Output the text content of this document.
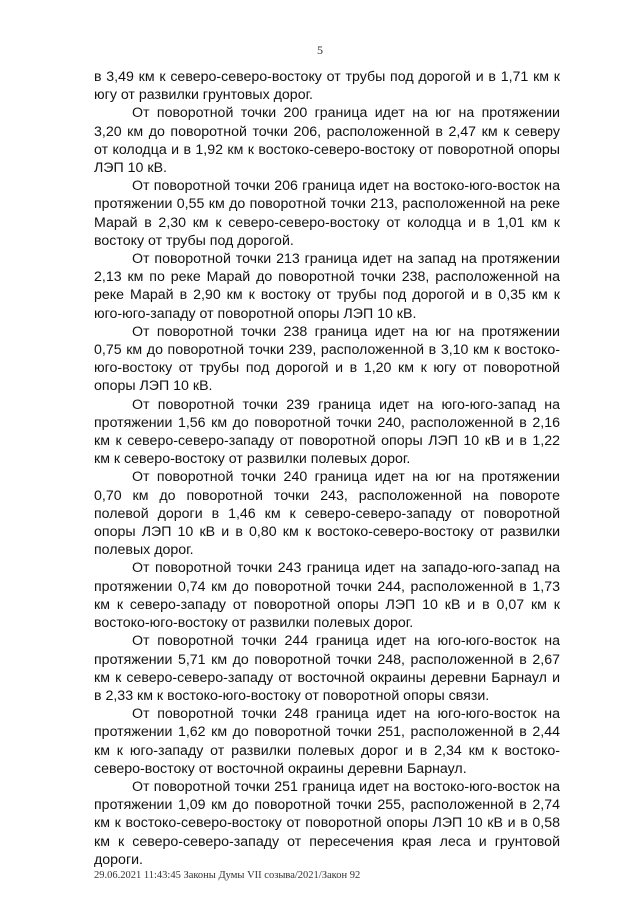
5

в 3,49 км к северо-северо-востоку от трубы под дорогой и в 1,71 км к югу от развилки грунтовых дорог.

От поворотной точки 200 граница идет на юг на протяжении 3,20 км до поворотной точки 206, расположенной в 2,47 км к северу от колодца и в 1,92 км к востоко-северо-востоку от поворотной опоры ЛЭП 10 кВ.

От поворотной точки 206 граница идет на востоко-юго-восток на протяжении 0,55 км до поворотной точки 213, расположенной на реке Марай в 2,30 км к северо-северо-востоку от колодца и в 1,01 км к востоку от трубы под дорогой.

От поворотной точки 213 граница идет на запад на протяжении 2,13 км по реке Марай до поворотной точки 238, расположенной на реке Марай в 2,90 км к востоку от трубы под дорогой и в 0,35 км к юго-юго-западу от поворотной опоры ЛЭП 10 кВ.

От поворотной точки 238 граница идет на юг на протяжении 0,75 км до поворотной точки 239, расположенной в 3,10 км к востоко-юго-востоку от трубы под дорогой и в 1,20 км к югу от поворотной опоры ЛЭП 10 кВ.

От поворотной точки 239 граница идет на юго-юго-запад на протяжении 1,56 км до поворотной точки 240, расположенной в 2,16 км к северо-северо-западу от поворотной опоры ЛЭП 10 кВ и в 1,22 км к северо-востоку от развилки полевых дорог.

От поворотной точки 240 граница идет на юг на протяжении 0,70 км до поворотной точки 243, расположенной на повороте полевой дороги в 1,46 км к северо-северо-западу от поворотной опоры ЛЭП 10 кВ и в 0,80 км к востоко-северо-востоку от развилки полевых дорог.

От поворотной точки 243 граница идет на западо-юго-запад на протяжении 0,74 км до поворотной точки 244, расположенной в 1,73 км к северо-западу от поворотной опоры ЛЭП 10 кВ и в 0,07 км к востоко-юго-востоку от развилки полевых дорог.

От поворотной точки 244 граница идет на юго-юго-восток на протяжении 5,71 км до поворотной точки 248, расположенной в 2,67 км к северо-северо-западу от восточной окраины деревни Барнаул и в 2,33 км к востоко-юго-востоку от поворотной опоры связи.

От поворотной точки 248 граница идет на юго-юго-восток на протяжении 1,62 км до поворотной точки 251, расположенной в 2,44 км к юго-западу от развилки полевых дорог и в 2,34 км к востоко-северо-востоку от восточной окраины деревни Барнаул.

От поворотной точки 251 граница идет на востоко-юго-восток на протяжении 1,09 км до поворотной точки 255, расположенной в 2,74 км к востоко-северо-востоку от поворотной опоры ЛЭП 10 кВ и в 0,58 км к северо-северо-западу от пересечения края леса и грунтовой дороги.

29.06.2021 11:43:45 Законы Думы VII созыва/2021/Закон 92
